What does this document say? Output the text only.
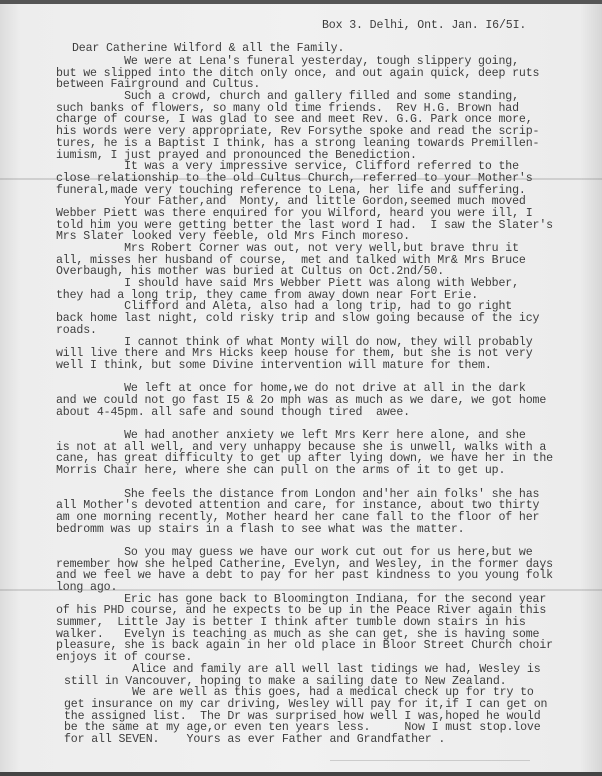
Box 3. Delhi, Ont. Jan. I6/5I.
Dear Catherine Wilford & all the Family.
We were at Lena's funeral yesterday, tough slippery going,
but we slipped into the ditch only once, and out again quick, deep ruts
between Fairground and Cultus.
Such a crowd, church and gallery filled and some standing,
such banks of flowers, so many old time friends.  Rev H.G. Brown had
charge of course, I was glad to see and meet Rev. G.G. Park once more,
his words were very appropriate, Rev Forsythe spoke and read the scrip-
tures, he is a Baptist I think, has a strong leaning towards Premillen-
iumism, I just prayed and pronounced the Benediction.
It was a very impressive service, Clifford referred to the
close relationship to the old Cultus Church, referred to your Mother's
funeral,made very touching reference to Lena, her life and suffering.
Your Father,and  Monty, and little Gordon,seemed much moved
Webber Piett was there enquired for you Wilford, heard you were ill, I
told him you were getting better the last word I had.  I saw the Slater's
Mrs Slater looked very feeble, old Mrs Finch moreso.
Mrs Robert Corner was out, not very well,but brave thru it
all, misses her husband of course,  met and talked with Mr& Mrs Bruce
Overbaugh, his mother was buried at Cultus on Oct.2nd/50.
I should have said Mrs Webber Piett was along with Webber,
they had a long trip, they came from away down near Fort Erie.
Clifford and Aleta, also had a long trip, had to go right
back home last night, cold risky trip and slow going because of the icy
roads.
I cannot think of what Monty will do now, they will probably
will live there and Mrs Hicks keep house for them, but she is not very
well I think, but some Divine intervention will mature for them.
We left at once for home,we do not drive at all in the dark
and we could not go fast I5 & 2o mph was as much as we dare, we got home
about 4-45pm. all safe and sound though tired  awee.
We had another anxiety we left Mrs Kerr here alone, and she
is not at all well, and very unhappy because she is unwell, walks with a
cane, has great difficulty to get up after lying down, we have her in the
Morris Chair here, where she can pull on the arms of it to get up.
She feels the distance from London and'her ain folks' she has
all Mother's devoted attention and care, for instance, about two thirty
am one morning recently, Mother heard her cane fall to the floor of her
bedromm was up stairs in a flash to see what was the matter.
So you may guess we have our work cut out for us here,but we
remember how she helped Catherine, Evelyn, and Wesley, in the former days
and we feel we have a debt to pay for her past kindness to you young folk
long ago.
Eric has gone back to Bloomington Indiana, for the second year
of his PHD course, and he expects to be up in the Peace River again this
summer,  Little Jay is better I think after tumble down stairs in his
walker.   Evelyn is teaching as much as she can get, she is having some
pleasure, she is back again in her old place in Bloor Street Church choir
enjoys it of course.
Alice and family are all well last tidings we had, Wesley is
still in Vancouver, hoping to make a sailing date to New Zealand.
We are well as this goes, had a medical check up for try to
get insurance on my car driving, Wesley will pay for it,if I can get on
the assigned list.  The Dr was surprised how well I was,hoped he would
be the same at my age,or even ten years less.     Now I must stop.love
for all SEVEN.    Yours as ever Father and Grandfather .
